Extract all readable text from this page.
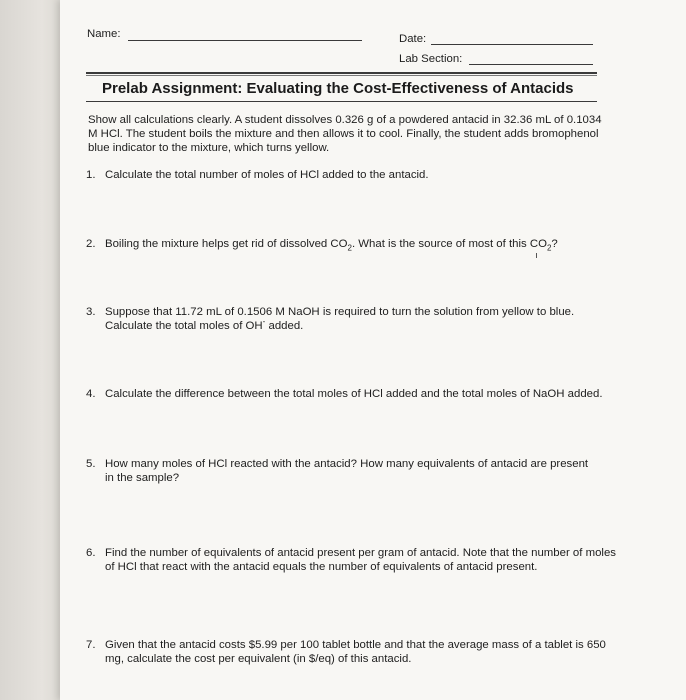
Name:	Date:
Lab Section:
Prelab Assignment: Evaluating the Cost-Effectiveness of Antacids
Show all calculations clearly. A student dissolves 0.326 g of a powdered antacid in 32.36 mL of 0.1034 M HCl. The student boils the mixture and then allows it to cool. Finally, the student adds bromophenol blue indicator to the mixture, which turns yellow.
1. Calculate the total number of moles of HCl added to the antacid.
2. Boiling the mixture helps get rid of dissolved $CO_2$. What is the source of most of this $CO_2$?
3. Suppose that 11.72 mL of 0.1506 M NaOH is required to turn the solution from yellow to blue. Calculate the total moles of OH- added.
4. Calculate the difference between the total moles of HCl added and the total moles of NaOH added.
5. How many moles of HCl reacted with the antacid? How many equivalents of antacid are present in the sample?
6. Find the number of equivalents of antacid present per gram of antacid. Note that the number of moles of HCl that react with the antacid equals the number of equivalents of antacid present.
7. Given that the antacid costs $5.99 per 100 tablet bottle and that the average mass of a tablet is 650 mg, calculate the cost per equivalent (in $/eq) of this antacid.
